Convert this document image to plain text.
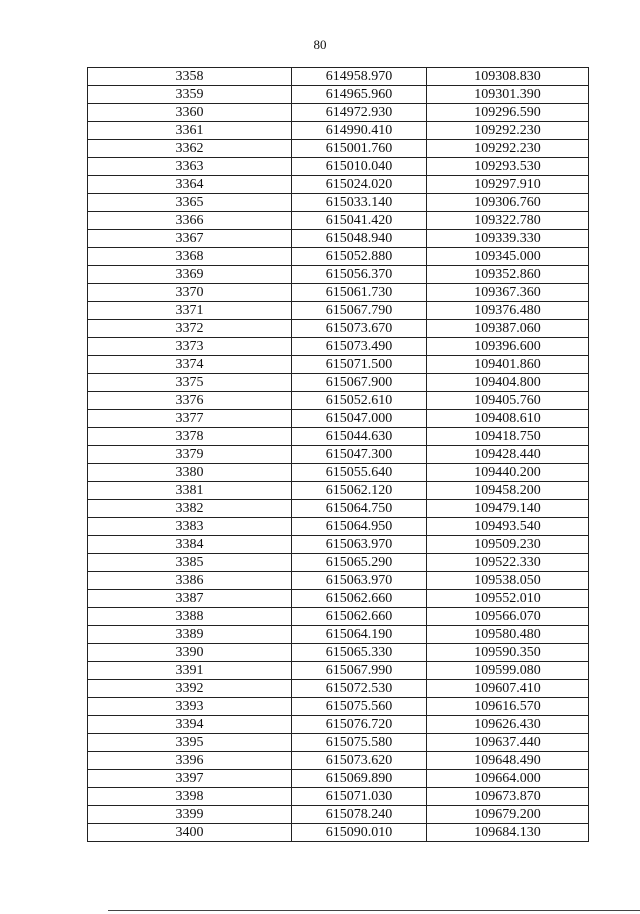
80
3358	614958.970	109308.830
3359	614965.960	109301.390
3360	614972.930	109296.590
3361	614990.410	109292.230
3362	615001.760	109292.230
3363	615010.040	109293.530
3364	615024.020	109297.910
3365	615033.140	109306.760
3366	615041.420	109322.780
3367	615048.940	109339.330
3368	615052.880	109345.000
3369	615056.370	109352.860
3370	615061.730	109367.360
3371	615067.790	109376.480
3372	615073.670	109387.060
3373	615073.490	109396.600
3374	615071.500	109401.860
3375	615067.900	109404.800
3376	615052.610	109405.760
3377	615047.000	109408.610
3378	615044.630	109418.750
3379	615047.300	109428.440
3380	615055.640	109440.200
3381	615062.120	109458.200
3382	615064.750	109479.140
3383	615064.950	109493.540
3384	615063.970	109509.230
3385	615065.290	109522.330
3386	615063.970	109538.050
3387	615062.660	109552.010
3388	615062.660	109566.070
3389	615064.190	109580.480
3390	615065.330	109590.350
3391	615067.990	109599.080
3392	615072.530	109607.410
3393	615075.560	109616.570
3394	615076.720	109626.430
3395	615075.580	109637.440
3396	615073.620	109648.490
3397	615069.890	109664.000
3398	615071.030	109673.870
3399	615078.240	109679.200
3400	615090.010	109684.130
